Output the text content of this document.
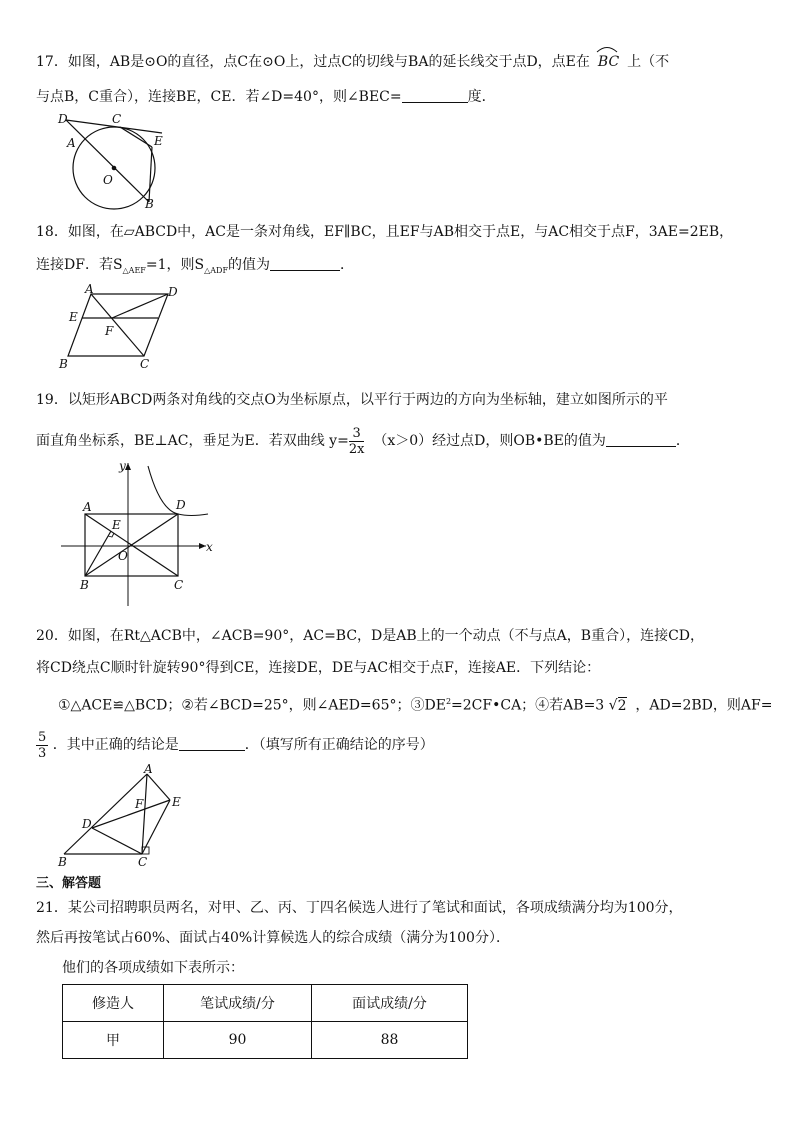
17．如图，AB是⊙O的直径，点C在⊙O上，过点C的切线与BA的延长线交于点D，点E在 BC 上（不
与点B，C重合），连接BE，CE．若∠D=40°，则∠BEC=	度．
D	C
A	E
O
B
18．如图，在▱ABCD中，AC是一条对角线，EF∥BC，且EF与AB相交于点E，与AC相交于点F，3AE=2EB，
连接DF．若$S_{\triangle AEF}=1$，则$S_{\triangle ADF}$的值为	．
A	D
E
F
B	C
19．以矩形ABCD两条对角线的交点O为坐标原点，以平行于两边的方向为坐标轴，建立如图所示的平
面直角坐标系，BE⊥AC，垂足为E．若双曲线 $y= \frac{3}{2x} (x>0)$经过点D，则OB•BE的值为	．
y
x
A	D
E
O
B	C
20．如图，在Rt△ACB中，∠ACB=90°，AC=BC，D是AB上的一个动点（不与点A，B重合），连接CD，
将CD绕点C顺时针旋转90°得到CE，连接DE，DE与AC相交于点F，连接AE．下列结论：
①△ACE≌△BCD；②若∠BCD=25°，则∠AED=65°；$③DE^2=2CF•CA$；④若AB=3 √2 ，AD=2BD，则AF=
$\frac{5}{3}$ ．其中正确的结论是	．（填写所有正确结论的序号）
A
F E
D
B	C
三、解答题
21．某公司招聘职员两名，对甲、乙、丙、丁四名候选人进行了笔试和面试，各项成绩满分均为100分，
然后再按笔试占60%、面试占40%计算候选人的综合成绩（满分为100分）．
他们的各项成绩如下表所示：
修造人	笔试成绩/分	面试成绩/分
甲	90	88
